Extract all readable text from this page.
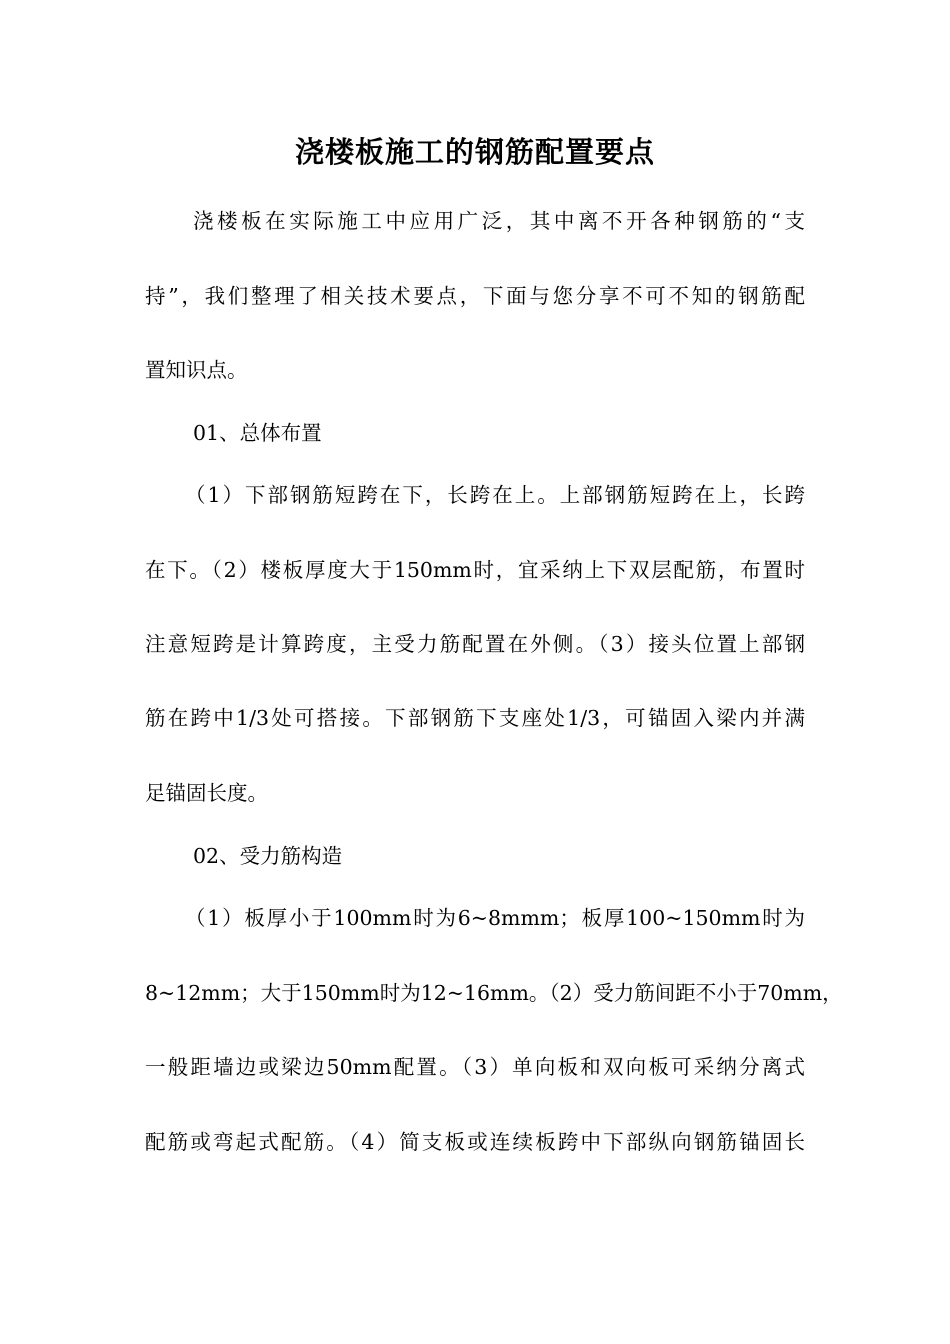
浇楼板施工的钢筋配置要点
浇楼板在实际施工中应用广泛，其中离不开各种钢筋的“支
持”，我们整理了相关技术要点，下面与您分享不可不知的钢筋配
置知识点。
01、总体布置
（1）下部钢筋短跨在下，长跨在上。上部钢筋短跨在上，长跨
在下。（2）楼板厚度大于150mm时，宜采纳上下双层配筋，布置时
注意短跨是计算跨度，主受力筋配置在外侧。（3）接头位置上部钢
筋在跨中1/3处可搭接。下部钢筋下支座处1/3，可锚固入梁内并满
足锚固长度。
02、受力筋构造
（1）板厚小于100mm时为6~8mmm；板厚100~150mm时为
8~12mm；大于150mm时为12~16mm。（2）受力筋间距不小于70mm，
一般距墙边或梁边50mm配置。（3）单向板和双向板可采纳分离式
配筋或弯起式配筋。（4）简支板或连续板跨中下部纵向钢筋锚固长
